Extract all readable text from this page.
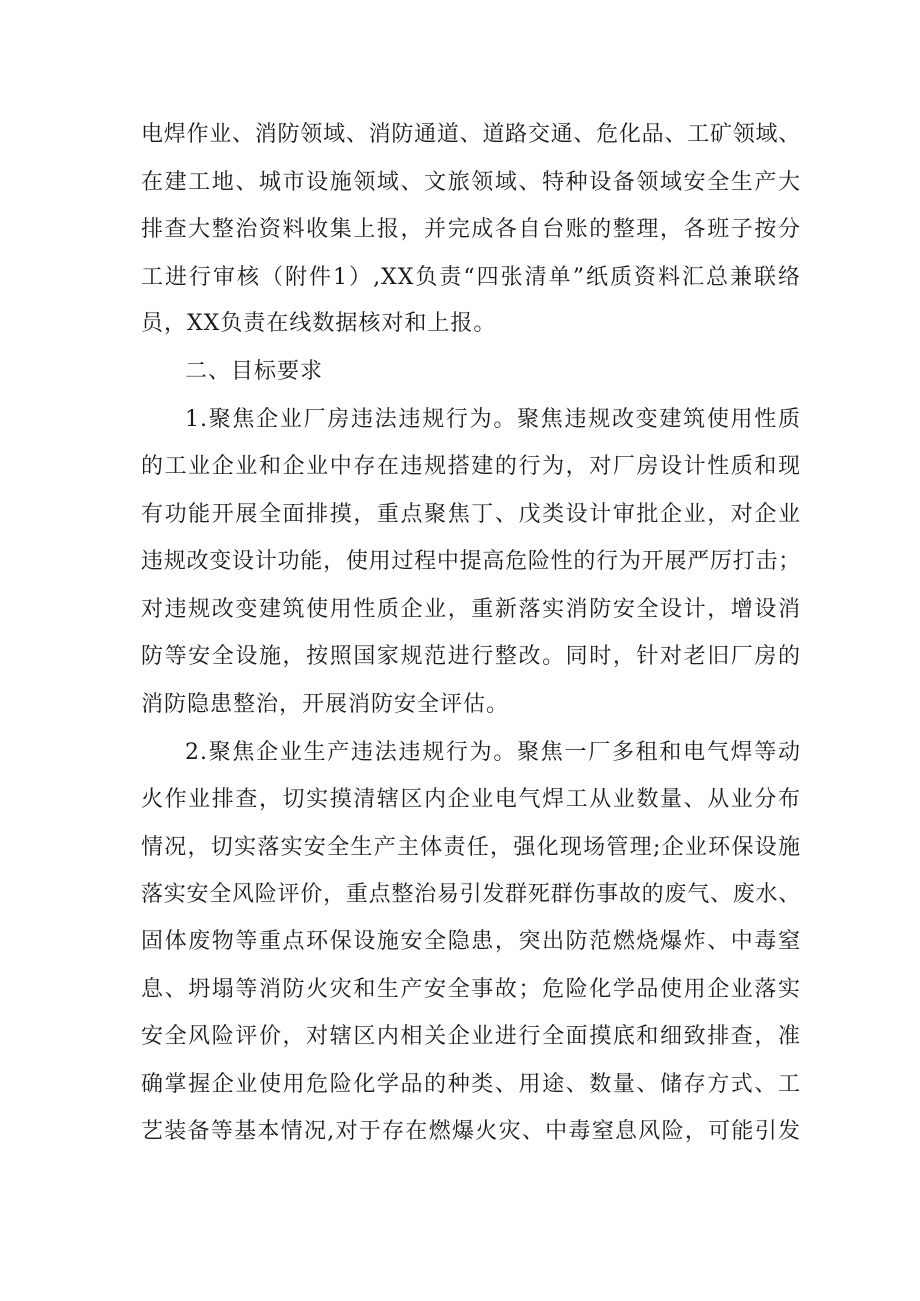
电焊作业、消防领域、消防通道、道路交通、危化品、工矿领域、
在建工地、城市设施领域、文旅领域、特种设备领域安全生产大
排查大整治资料收集上报，并完成各自台账的整理，各班子按分
工进行审核（附件1）,XX负责“四张清单”纸质资料汇总兼联络
员，XX负责在线数据核对和上报。
二、目标要求
1.聚焦企业厂房违法违规行为。聚焦违规改变建筑使用性质
的工业企业和企业中存在违规搭建的行为，对厂房设计性质和现
有功能开展全面排摸，重点聚焦丁、戊类设计审批企业，对企业
违规改变设计功能，使用过程中提高危险性的行为开展严厉打击；
对违规改变建筑使用性质企业，重新落实消防安全设计，增设消
防等安全设施，按照国家规范进行整改。同时，针对老旧厂房的
消防隐患整治，开展消防安全评估。
2.聚焦企业生产违法违规行为。聚焦一厂多租和电气焊等动
火作业排查，切实摸清辖区内企业电气焊工从业数量、从业分布
情况，切实落实安全生产主体责任，强化现场管理;企业环保设施
落实安全风险评价，重点整治易引发群死群伤事故的废气、废水、
固体废物等重点环保设施安全隐患，突出防范燃烧爆炸、中毒窒
息、坍塌等消防火灾和生产安全事故；危险化学品使用企业落实
安全风险评价，对辖区内相关企业进行全面摸底和细致排查，准
确掌握企业使用危险化学品的种类、用途、数量、储存方式、工
艺装备等基本情况,对于存在燃爆火灾、中毒窒息风险，可能引发
